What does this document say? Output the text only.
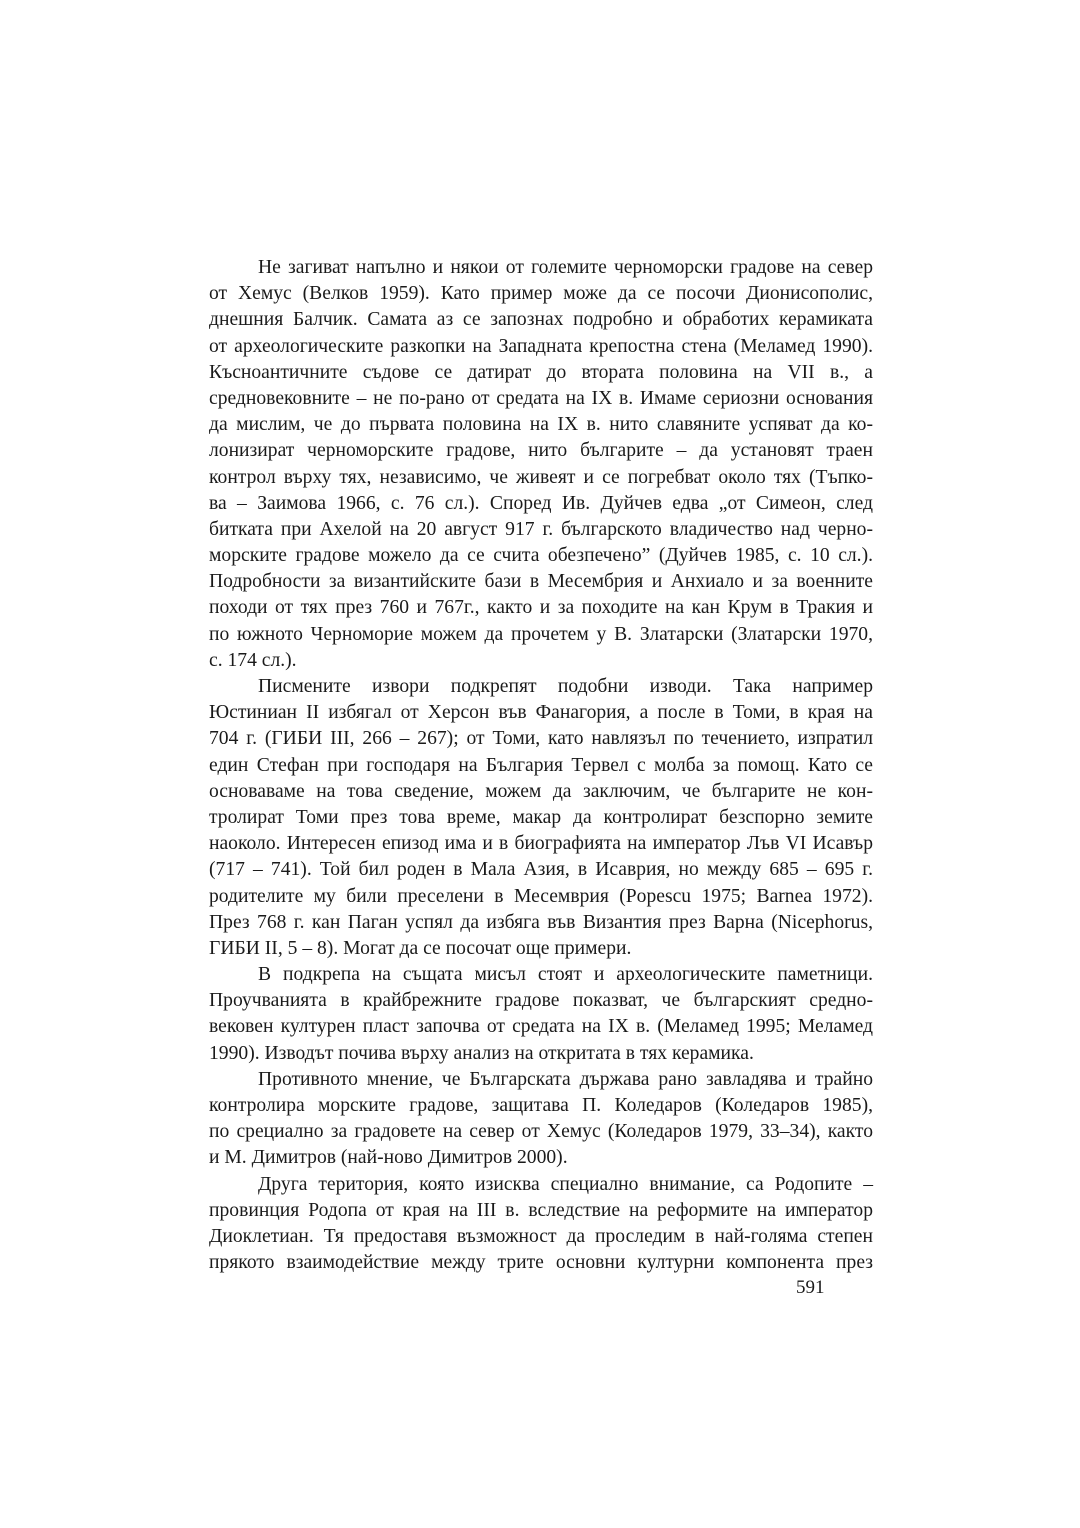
Не загиват напълно и някои от големите черноморски градове на север
от Хемус (Велков 1959). Като пример може да се посочи Дионисополис,
днешния Балчик. Самата аз се запознах подробно и обработих керамиката
от археологическите разкопки на Западната крепостна стена (Меламед 1990).
Късноантичните съдове се датират до втората половина на VII в., а
средновековните – не по-рано от средата на IX в. Имаме сериозни основания
да мислим, че до първата половина на IX в. нито славяните успяват да ко-
лонизират черноморските градове, нито българите – да установят траен
контрол върху тях, независимо, че живеят и се погребват около тях (Тъпко-
ва – Заимова 1966, с. 76 сл.). Според Ив. Дуйчев едва „от Симеон, след
битката при Ахелой на 20 август 917 г. българското владичество над черно-
морските градове можело да се счита обезпечено” (Дуйчев 1985, с. 10 сл.).
Подробности за византийските бази в Месембрия и Анхиало и за военните
походи от тях през 760 и 767г., както и за походите на кан Крум в Тракия и
по южното Черноморие можем да прочетем у В. Златарски (Златарски 1970,
с. 174 сл.).
Писмените извори подкрепят подобни изводи. Така например
Юстиниан II избягал от Херсон във Фанагория, а после в Томи, в края на
704 г. (ГИБИ III, 266 – 267); от Томи, като навлязъл по течението, изпратил
един Стефан при господаря на България Тервел с молба за помощ. Като се
основаваме на това сведение, можем да заключим, че българите не кон-
тролират Томи през това време, макар да контролират безспорно земите
наоколо. Интересен епизод има и в биографията на император Лъв VI Исавър
(717 – 741). Той бил роден в Мала Азия, в Исаврия, но между 685 – 695 г.
родителите му били преселени в Месемврия (Popescu 1975; Barnea 1972).
През 768 г. кан Паган успял да избяга във Византия през Варна (Nicephorus,
ГИБИ II, 5 – 8). Могат да се посочат още примери.
В подкрепа на същата мисъл стоят и археологическите паметници.
Проучванията в крайбрежните градове показват, че българският средно-
вековен културен пласт започва от средата на IX в. (Меламед 1995; Меламед
1990). Изводът почива върху анализ на откритата в тях керамика.
Противното мнение, че Българската държава рано завладява и трайно
контролира морските градове, защитава П. Коледаров (Коледаров 1985),
по срециално за градовете на север от Хемус (Коледаров 1979, 33–34), както
и М. Димитров (най-ново Димитров 2000).
Друга територия, която изисква специално внимание, са Родопите –
провинция Родопа от края на III в. вследствие на реформите на император
Диоклетиан. Тя предоставя възможност да проследим в най-голяма степен
прякото взаимодействие между трите основни културни компонента през
591
